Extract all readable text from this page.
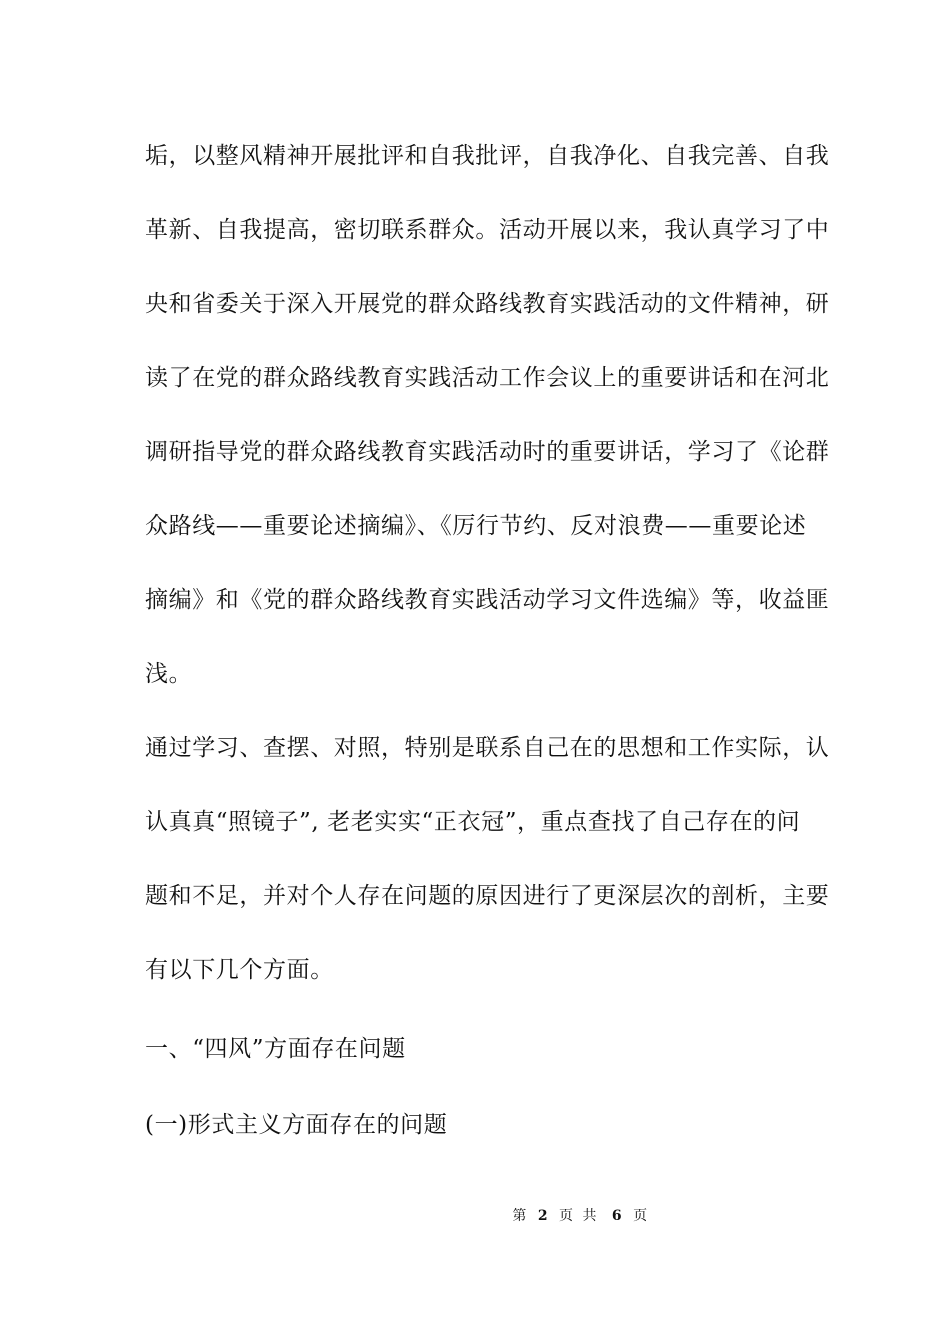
垢，以整风精神开展批评和自我批评，自我净化、自我完善、自我
革新、自我提高，密切联系群众。活动开展以来，我认真学习了中
央和省委关于深入开展党的群众路线教育实践活动的文件精神，研
读了在党的群众路线教育实践活动工作会议上的重要讲话和在河北
调研指导党的群众路线教育实践活动时的重要讲话，学习了《论群
众路线——重要论述摘编》、《厉行节约、反对浪费——重要论述
摘编》和《党的群众路线教育实践活动学习文件选编》等，收益匪
浅。
通过学习、查摆、对照，特别是联系自己在的思想和工作实际，认
认真真“照镜子”, 老老实实“正衣冠”，重点查找了自己存在的问
题和不足，并对个人存在问题的原因进行了更深层次的剖析，主要
有以下几个方面。
一、“四风”方面存在问题
(一)形式主义方面存在的问题
第 2 页 共 6 页
